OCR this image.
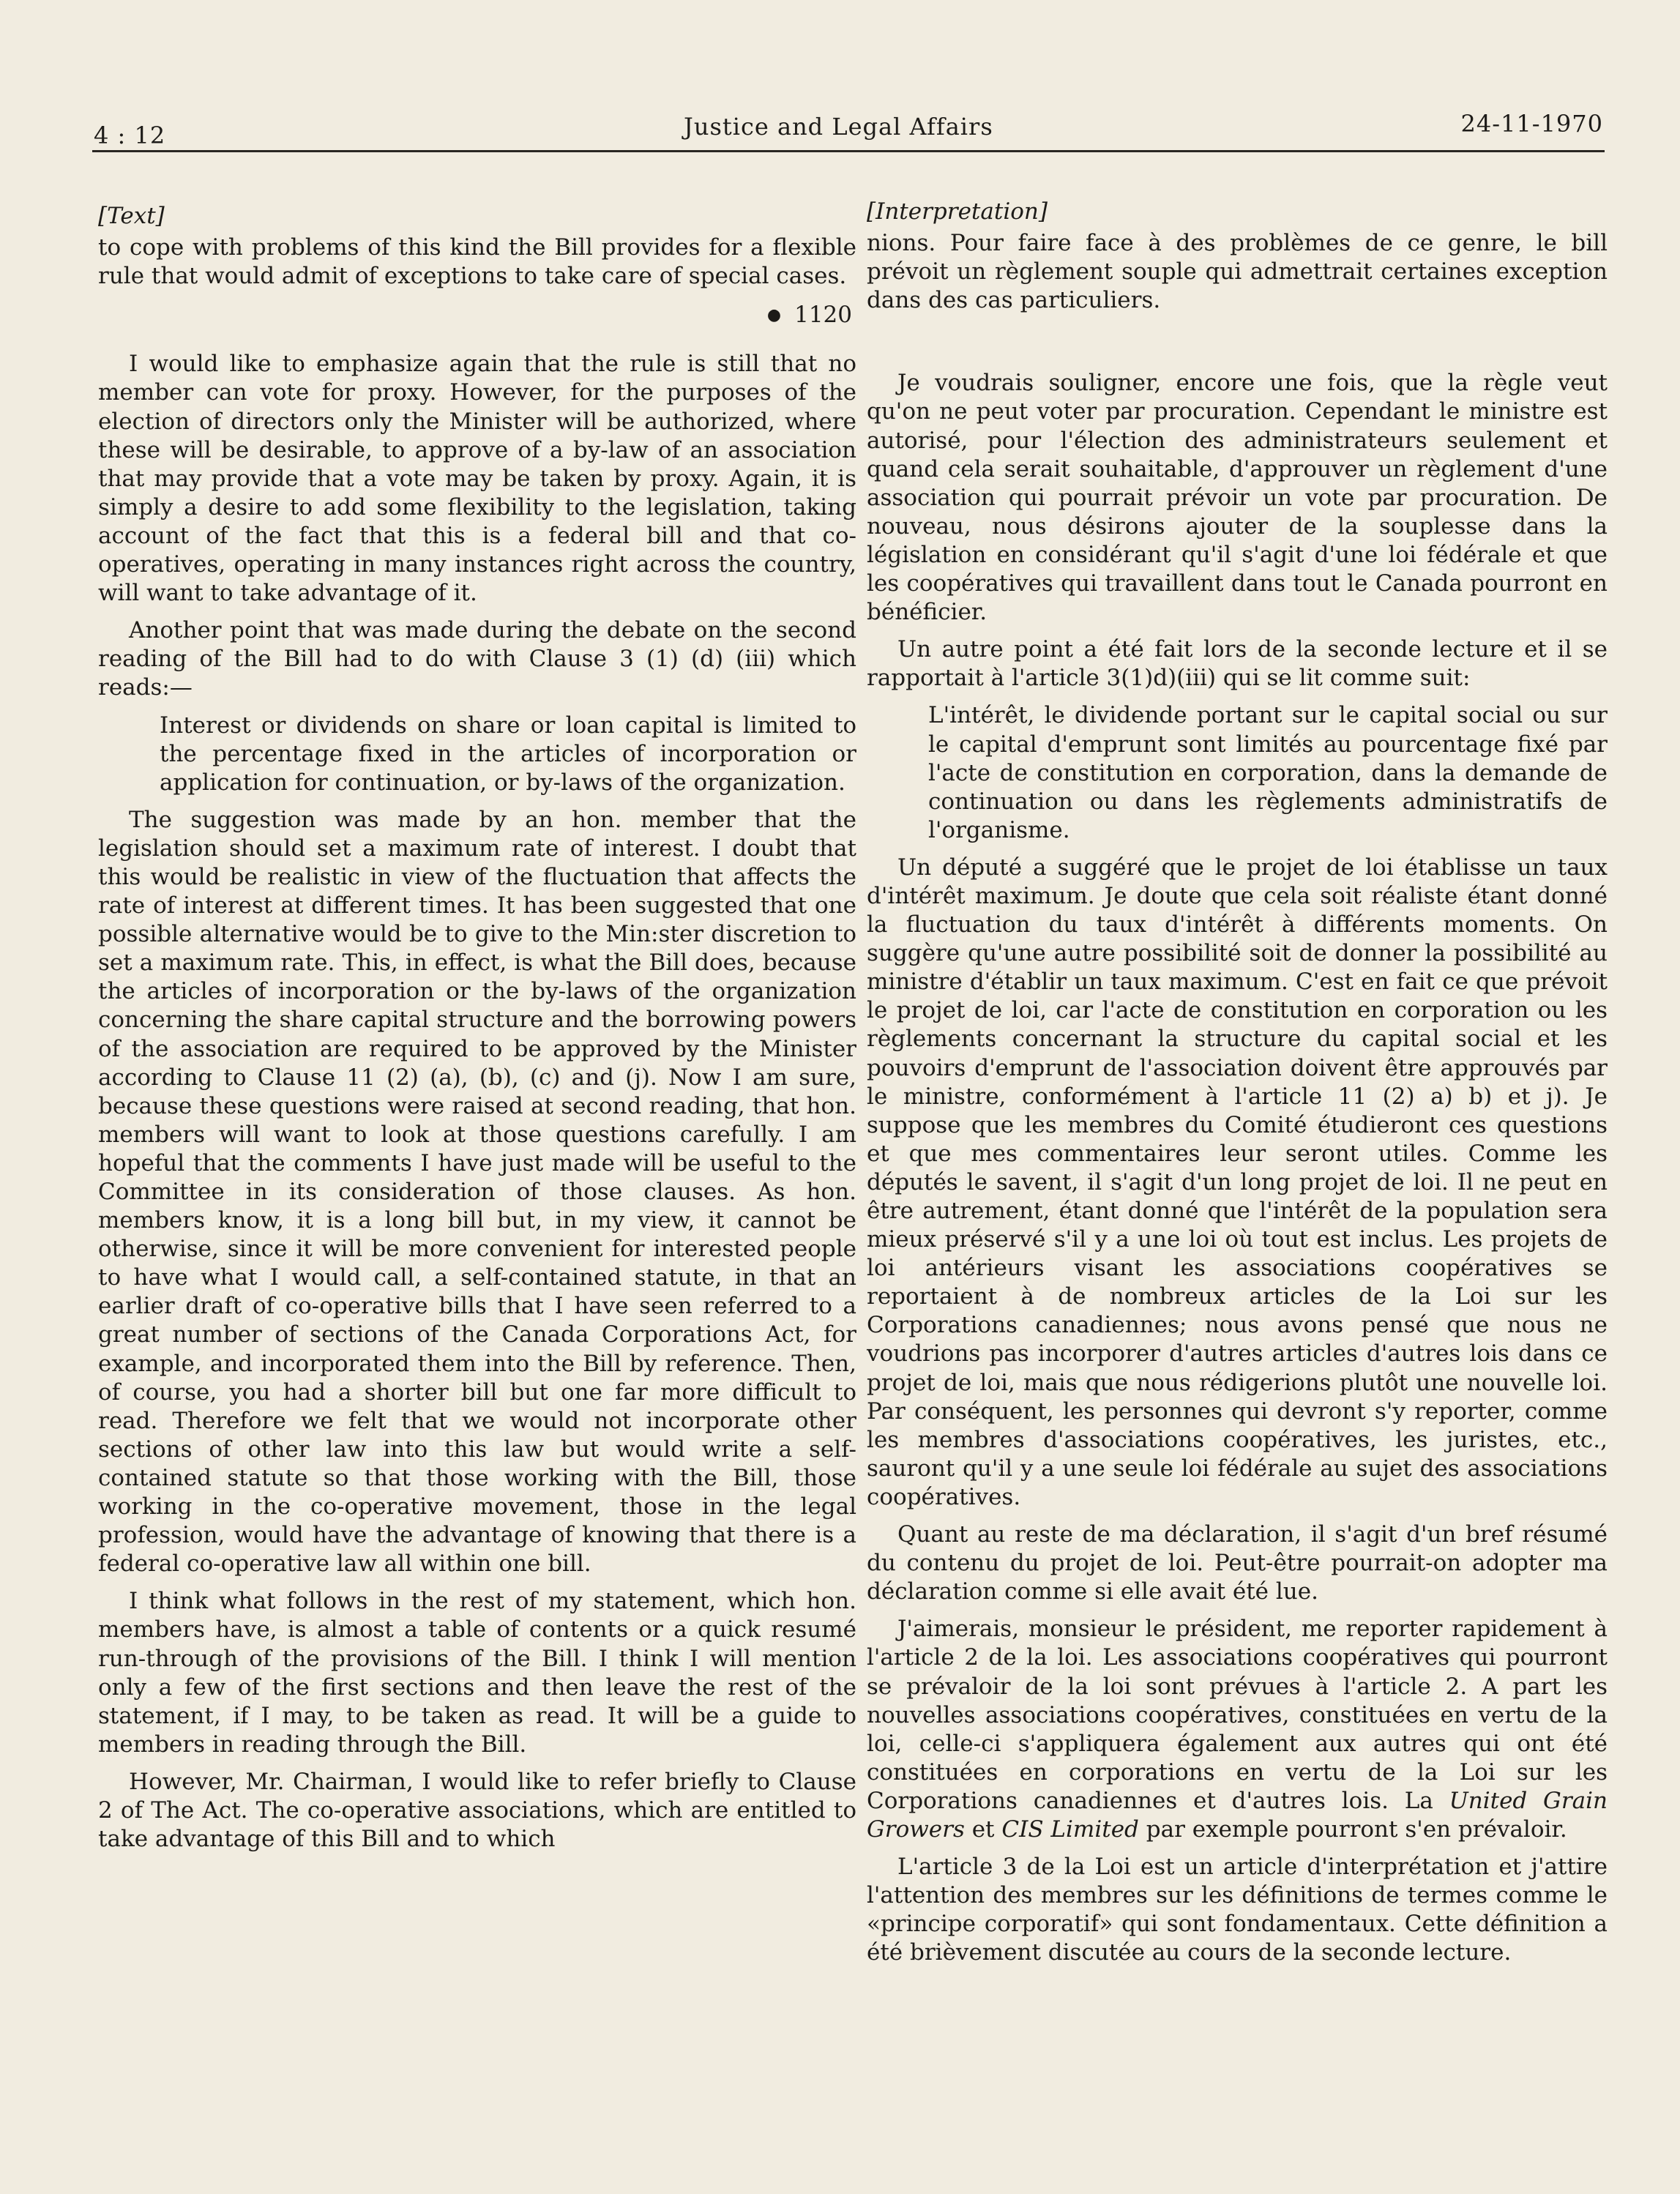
4 : 12	Justice and Legal Affairs	24-11-1970

[Text]

to cope with problems of this kind the Bill provides for a flexible rule that would admit of exceptions to take care of special cases.

● 1120

I would like to emphasize again that the rule is still that no member can vote for proxy. However, for the purposes of the election of directors only the Minister will be authorized, where these will be desirable, to approve of a by-law of an association that may provide that a vote may be taken by proxy. Again, it is simply a desire to add some flexibility to the legislation, taking account of the fact that this is a federal bill and that co-operatives, operating in many instances right across the country, will want to take advantage of it.

Another point that was made during the debate on the second reading of the Bill had to do with Clause 3 (1) (d) (iii) which reads:—

Interest or dividends on share or loan capital is limited to the percentage fixed in the articles of incorporation or application for continuation, or by-laws of the organization.

The suggestion was made by an hon. member that the legislation should set a maximum rate of interest. I doubt that this would be realistic in view of the fluctuation that affects the rate of interest at different times. It has been suggested that one possible alternative would be to give to the Min:ster discretion to set a maximum rate. This, in effect, is what the Bill does, because the articles of incorporation or the by-laws of the organization concerning the share capital structure and the borrowing powers of the association are required to be approved by the Minister according to Clause 11 (2) (a), (b), (c) and (j). Now I am sure, because these questions were raised at second reading, that hon. members will want to look at those questions carefully. I am hopeful that the comments I have just made will be useful to the Committee in its consideration of those clauses. As hon. members know, it is a long bill but, in my view, it cannot be otherwise, since it will be more convenient for interested people to have what I would call, a self-contained statute, in that an earlier draft of co-operative bills that I have seen referred to a great number of sections of the Canada Corporations Act, for example, and incorporated them into the Bill by reference. Then, of course, you had a shorter bill but one far more difficult to read. Therefore we felt that we would not incorporate other sections of other law into this law but would write a self-contained statute so that those working with the Bill, those working in the co-operative movement, those in the legal profession, would have the advantage of knowing that there is a federal co-operative law all within one bill.

I think what follows in the rest of my statement, which hon. members have, is almost a table of contents or a quick resumé run-through of the provisions of the Bill. I think I will mention only a few of the first sections and then leave the rest of the statement, if I may, to be taken as read. It will be a guide to members in reading through the Bill.

However, Mr. Chairman, I would like to refer briefly to Clause 2 of The Act. The co-operative associations, which are entitled to take advantage of this Bill and to which

[Interpretation]

nions. Pour faire face à des problèmes de ce genre, le bill prévoit un règlement souple qui admettrait certaines exception dans des cas particuliers.

Je voudrais souligner, encore une fois, que la règle veut qu'on ne peut voter par procuration. Cependant le ministre est autorisé, pour l'élection des administrateurs seulement et quand cela serait souhaitable, d'approuver un règlement d'une association qui pourrait prévoir un vote par procuration. De nouveau, nous désirons ajouter de la souplesse dans la législation en considérant qu'il s'agit d'une loi fédérale et que les coopératives qui travaillent dans tout le Canada pourront en bénéficier.

Un autre point a été fait lors de la seconde lecture et il se rapportait à l'article 3(1)d)(iii) qui se lit comme suit:

L'intérêt, le dividende portant sur le capital social ou sur le capital d'emprunt sont limités au pourcentage fixé par l'acte de constitution en corporation, dans la demande de continuation ou dans les règlements administratifs de l'organisme.

Un député a suggéré que le projet de loi établisse un taux d'intérêt maximum. Je doute que cela soit réaliste étant donné la fluctuation du taux d'intérêt à différents moments. On suggère qu'une autre possibilité soit de donner la possibilité au ministre d'établir un taux maximum. C'est en fait ce que prévoit le projet de loi, car l'acte de constitution en corporation ou les règlements concernant la structure du capital social et les pouvoirs d'emprunt de l'association doivent être approuvés par le ministre, conformément à l'article 11 (2) a) b) et j). Je suppose que les membres du Comité étudieront ces questions et que mes commentaires leur seront utiles. Comme les députés le savent, il s'agit d'un long projet de loi. Il ne peut en être autrement, étant donné que l'intérêt de la population sera mieux préservé s'il y a une loi où tout est inclus. Les projets de loi antérieurs visant les associations coopératives se reportaient à de nombreux articles de la Loi sur les Corporations canadiennes; nous avons pensé que nous ne voudrions pas incorporer d'autres articles d'autres lois dans ce projet de loi, mais que nous rédigerions plutôt une nouvelle loi. Par conséquent, les personnes qui devront s'y reporter, comme les membres d'associations coopératives, les juristes, etc., sauront qu'il y a une seule loi fédérale au sujet des associations coopératives.

Quant au reste de ma déclaration, il s'agit d'un bref résumé du contenu du projet de loi. Peut-être pourrait-on adopter ma déclaration comme si elle avait été lue.

J'aimerais, monsieur le président, me reporter rapidement à l'article 2 de la loi. Les associations coopératives qui pourront se prévaloir de la loi sont prévues à l'article 2. A part les nouvelles associations coopératives, constituées en vertu de la loi, celle-ci s'appliquera également aux autres qui ont été constituées en corporations en vertu de la Loi sur les Corporations canadiennes et d'autres lois. La United Grain Growers et CIS Limited par exemple pourront s'en prévaloir.

L'article 3 de la Loi est un article d'interprétation et j'attire l'attention des membres sur les définitions de termes comme le «principe corporatif» qui sont fondamentaux. Cette définition a été brièvement discutée au cours de la seconde lecture.
